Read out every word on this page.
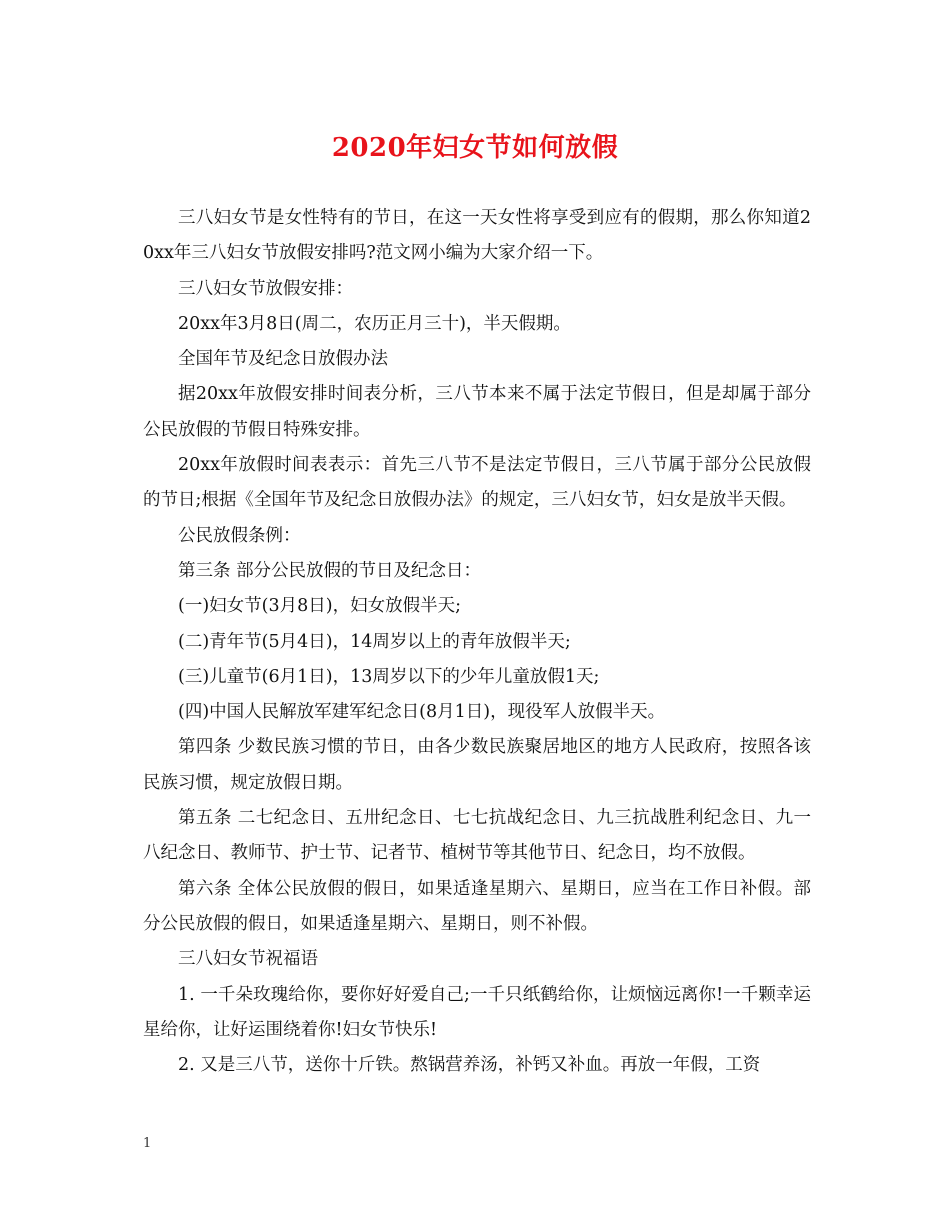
2020年妇女节如何放假

三八妇女节是女性特有的节日，在这一天女性将享受到应有的假期，那么你知道20xx年三八妇女节放假安排吗?范文网小编为大家介绍一下。

三八妇女节放假安排：

20xx年3月8日(周二，农历正月三十)，半天假期。

全国年节及纪念日放假办法

据20xx年放假安排时间表分析，三八节本来不属于法定节假日，但是却属于部分公民放假的节假日特殊安排。

20xx年放假时间表表示：首先三八节不是法定节假日，三八节属于部分公民放假的节日;根据《全国年节及纪念日放假办法》的规定，三八妇女节，妇女是放半天假。

公民放假条例：

第三条 部分公民放假的节日及纪念日：

(一)妇女节(3月8日)，妇女放假半天;

(二)青年节(5月4日)，14周岁以上的青年放假半天;

(三)儿童节(6月1日)，13周岁以下的少年儿童放假1天;

(四)中国人民解放军建军纪念日(8月1日)，现役军人放假半天。

第四条 少数民族习惯的节日，由各少数民族聚居地区的地方人民政府，按照各该民族习惯，规定放假日期。

第五条 二七纪念日、五卅纪念日、七七抗战纪念日、九三抗战胜利纪念日、九一八纪念日、教师节、护士节、记者节、植树节等其他节日、纪念日，均不放假。

第六条 全体公民放假的假日，如果适逢星期六、星期日，应当在工作日补假。部分公民放假的假日，如果适逢星期六、星期日，则不补假。

三八妇女节祝福语

1. 一千朵玫瑰给你，要你好好爱自己;一千只纸鹤给你，让烦恼远离你!一千颗幸运星给你，让好运围绕着你!妇女节快乐!

2. 又是三八节，送你十斤铁。熬锅营养汤，补钙又补血。再放一年假，工资

1
